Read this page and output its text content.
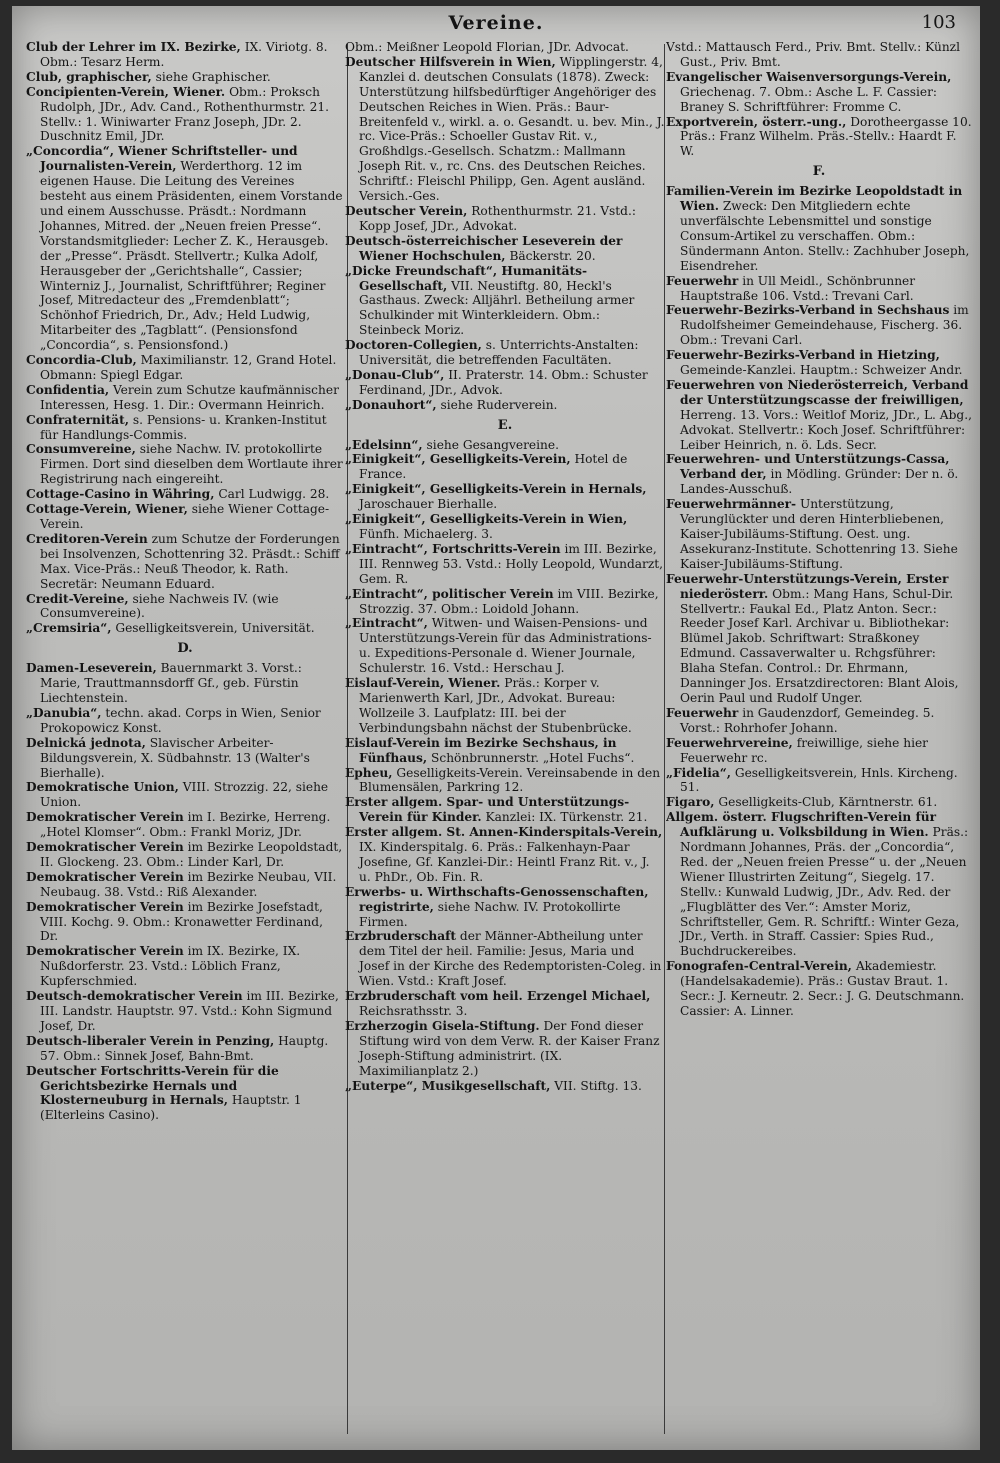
Vereine.	103
Club der Lehrer im IX. Bezirke, IX. Viriotg. 8. Obm.: Tesarz Herm.
Club, graphischer, siehe Graphischer.
Concipienten-Verein, Wiener. Obm.: Proksch Rudolph, JDr., Adv. Cand., Rothenthurmstr. 21. Stellv.: 1. Winiwarter Franz Joseph, JDr. 2. Duschnitz Emil, JDr.
„Concordia“, Wiener Schriftsteller- und Journalisten-Verein, Werderthorg. 12 im eigenen Hause. Die Leitung des Vereines besteht aus einem Präsidenten, einem Vorstande und einem Ausschusse. Präsdt.: Nordmann Johannes, Mitred. der „Neuen freien Presse“. Vorstandsmitglieder: Lecher Z. K., Herausgeb. der „Presse“. Präsdt. Stellvertr.; Kulka Adolf, Herausgeber der „Gerichtshalle“, Cassier; Winterniz J., Journalist, Schriftführer; Reginer Josef, Mitredacteur des „Fremdenblatt“; Schönhof Friedrich, Dr., Adv.; Held Ludwig, Mitarbeiter des „Tagblatt“. (Pensionsfond „Concordia“, s. Pensionsfond.)
Concordia-Club, Maximilianstr. 12, Grand Hotel. Obmann: Spiegl Edgar.
Confidentia, Verein zum Schutze kaufmännischer Interessen, Hesg. 1. Dir.: Overmann Heinrich.
Confraternität, s. Pensions- u. Kranken-Institut für Handlungs-Commis.
Consumvereine, siehe Nachw. IV. protokollirte Firmen. Dort sind dieselben dem Wortlaute ihrer Registrirung nach eingereiht.
Cottage-Casino in Währing, Carl Ludwigg. 28.
Cottage-Verein, Wiener, siehe Wiener Cottage-Verein.
Creditoren-Verein zum Schutze der Forderungen bei Insolvenzen, Schottenring 32. Präsdt.: Schiff Max. Vice-Präs.: Neuß Theodor, k. Rath. Secretär: Neumann Eduard.
Credit-Vereine, siehe Nachweis IV. (wie Consumvereine).
„Cremsiria“, Geselligkeitsverein, Universität.
D.
Damen-Leseverein, Bauernmarkt 3. Vorst.: Marie, Trauttmannsdorff Gf., geb. Fürstin Liechtenstein.
„Danubia“, techn. akad. Corps in Wien, Senior Prokopowicz Konst.
Delnická jednota, Slavischer Arbeiter-Bildungsverein, X. Südbahnstr. 13 (Walter's Bierhalle).
Demokratische Union, VIII. Strozzig. 22, siehe Union.
Demokratischer Verein im I. Bezirke, Herreng. „Hotel Klomser“. Obm.: Frankl Moriz, JDr.
Demokratischer Verein im Bezirke Leopoldstadt, II. Glockeng. 23. Obm.: Linder Karl, Dr.
Demokratischer Verein im Bezirke Neubau, VII. Neubaug. 38. Vstd.: Riß Alexander.
Demokratischer Verein im Bezirke Josefstadt, VIII. Kochg. 9. Obm.: Kronawetter Ferdinand, Dr.
Demokratischer Verein im IX. Bezirke, IX. Nußdorferstr. 23. Vstd.: Löblich Franz, Kupferschmied.
Deutsch-demokratischer Verein im III. Bezirke, III. Landstr. Hauptstr. 97. Vstd.: Kohn Sigmund Josef, Dr.
Deutsch-liberaler Verein in Penzing, Hauptg. 57. Obm.: Sinnek Josef, Bahn-Bmt.
Deutscher Fortschritts-Verein für die Gerichtsbezirke Hernals und Klosterneuburg in Hernals, Hauptstr. 1 (Elterleins Casino).
Obm.: Meißner Leopold Florian, JDr. Advocat.
Deutscher Hilfsverein in Wien, Wipplingerstr. 4, Kanzlei d. deutschen Consulats (1878). Zweck: Unterstützung hilfsbedürftiger Angehöriger des Deutschen Reiches in Wien. Präs.: Baur-Breitenfeld v., wirkl. a. o. Gesandt. u. bev. Min., J. rc. Vice-Präs.: Schoeller Gustav Rit. v., Großhdlgs.-Gesellsch. Schatzm.: Mallmann Joseph Rit. v., rc. Cns. des Deutschen Reiches. Schriftf.: Fleischl Philipp, Gen. Agent ausländ. Versich.-Ges.
Deutscher Verein, Rothenthurmstr. 21. Vstd.: Kopp Josef, JDr., Advokat.
Deutsch-österreichischer Leseverein der Wiener Hochschulen, Bäckerstr. 20.
„Dicke Freundschaft“, Humanitäts-Gesellschaft, VII. Neustiftg. 80, Heckl's Gasthaus. Zweck: Alljährl. Betheilung armer Schulkinder mit Winterkleidern. Obm.: Steinbeck Moriz.
Doctoren-Collegien, s. Unterrichts-Anstalten: Universität, die betreffenden Facultäten.
„Donau-Club“, II. Praterstr. 14. Obm.: Schuster Ferdinand, JDr., Advok.
„Donauhort“, siehe Ruderverein.
E.
„Edelsinn“, siehe Gesangvereine.
„Einigkeit“, Geselligkeits-Verein, Hotel de France.
„Einigkeit“, Geselligkeits-Verein in Hernals, Jaroschauer Bierhalle.
„Einigkeit“, Geselligkeits-Verein in Wien, Fünfh. Michaelerg. 3.
„Eintracht“, Fortschritts-Verein im III. Bezirke, III. Rennweg 53. Vstd.: Holly Leopold, Wundarzt, Gem. R.
„Eintracht“, politischer Verein im VIII. Bezirke, Strozzig. 37. Obm.: Loidold Johann.
„Eintracht“, Witwen- und Waisen-Pensions- und Unterstützungs-Verein für das Administrations- u. Expeditions-Personale d. Wiener Journale, Schulerstr. 16. Vstd.: Herschau J.
Eislauf-Verein, Wiener. Präs.: Korper v. Marienwerth Karl, JDr., Advokat. Bureau: Wollzeile 3. Laufplatz: III. bei der Verbindungsbahn nächst der Stubenbrücke.
Eislauf-Verein im Bezirke Sechshaus, in Fünfhaus, Schönbrunnerstr. „Hotel Fuchs“.
Epheu, Geselligkeits-Verein. Vereinsabende in den Blumensälen, Parkring 12.
Erster allgem. Spar- und Unterstützungs-Verein für Kinder. Kanzlei: IX. Türkenstr. 21.
Erster allgem. St. Annen-Kinderspitals-Verein, IX. Kinderspitalg. 6. Präs.: Falkenhayn-Paar Josefine, Gf. Kanzlei-Dir.: Heintl Franz Rit. v., J. u. PhDr., Ob. Fin. R.
Erwerbs- u. Wirthschafts-Genossenschaften, registrirte, siehe Nachw. IV. Protokollirte Firmen.
Erzbruderschaft der Männer-Abtheilung unter dem Titel der heil. Familie: Jesus, Maria und Josef in der Kirche des Redemptoristen-Coleg. in Wien. Vstd.: Kraft Josef.
Erzbruderschaft vom heil. Erzengel Michael, Reichsrathsstr. 3.
Erzherzogin Gisela-Stiftung. Der Fond dieser Stiftung wird von dem Verw. R. der Kaiser Franz Joseph-Stiftung administrirt. (IX. Maximilianplatz 2.)
„Euterpe“, Musikgesellschaft, VII. Stiftg. 13.
Vstd.: Mattausch Ferd., Priv. Bmt. Stellv.: Künzl Gust., Priv. Bmt.
Evangelischer Waisenversorgungs-Verein, Griechenag. 7. Obm.: Asche L. F. Cassier: Braney S. Schriftführer: Fromme C.
Exportverein, österr.-ung., Dorotheergasse 10. Präs.: Franz Wilhelm. Präs.-Stellv.: Haardt F. W.
F.
Familien-Verein im Bezirke Leopoldstadt in Wien. Zweck: Den Mitgliedern echte unverfälschte Lebensmittel und sonstige Consum-Artikel zu verschaffen. Obm.: Sündermann Anton. Stellv.: Zachhuber Joseph, Eisendreher.
Feuerwehr in Ull Meidl., Schönbrunner Hauptstraße 106. Vstd.: Trevani Carl.
Feuerwehr-Bezirks-Verband in Sechshaus im Rudolfsheimer Gemeindehause, Fischerg. 36. Obm.: Trevani Carl.
Feuerwehr-Bezirks-Verband in Hietzing, Gemeinde-Kanzlei. Hauptm.: Schweizer Andr.
Feuerwehren von Niederösterreich, Verband der Unterstützungscasse der freiwilligen, Herreng. 13. Vors.: Weitlof Moriz, JDr., L. Abg., Advokat. Stellvertr.: Koch Josef. Schriftführer: Leiber Heinrich, n. ö. Lds. Secr.
Feuerwehren- und Unterstützungs-Cassa, Verband der, in Mödling. Gründer: Der n. ö. Landes-Ausschuß.
Feuerwehrmänner- Unterstützung, Verunglückter und deren Hinterbliebenen, Kaiser-Jubiläums-Stiftung. Oest. ung. Assekuranz-Institute. Schottenring 13. Siehe Kaiser-Jubiläums-Stiftung.
Feuerwehr-Unterstützungs-Verein, Erster niederösterr. Obm.: Mang Hans, Schul-Dir. Stellvertr.: Faukal Ed., Platz Anton. Secr.: Reeder Josef Karl. Archivar u. Bibliothekar: Blümel Jakob. Schriftwart: Straßkoney Edmund. Cassaverwalter u. Rchgsführer: Blaha Stefan. Control.: Dr. Ehrmann, Danninger Jos. Ersatzdirectoren: Blant Alois, Oerin Paul und Rudolf Unger.
Feuerwehr in Gaudenzdorf, Gemeindeg. 5. Vorst.: Rohrhofer Johann.
Feuerwehrvereine, freiwillige, siehe hier Feuerwehr rc.
„Fidelia“, Geselligkeitsverein, Hnls. Kircheng. 51.
Figaro, Geselligkeits-Club, Kärntnerstr. 61.
Allgem. österr. Flugschriften-Verein für Aufklärung u. Volksbildung in Wien. Präs.: Nordmann Johannes, Präs. der „Concordia“, Red. der „Neuen freien Presse“ u. der „Neuen Wiener Illustrirten Zeitung“, Siegelg. 17. Stellv.: Kunwald Ludwig, JDr., Adv. Red. der „Flugblätter des Ver.“: Amster Moriz, Schriftsteller, Gem. R. Schriftf.: Winter Geza, JDr., Verth. in Straff. Cassier: Spies Rud., Buchdruckereibes.
Fonografen-Central-Verein, Akademiestr. (Handelsakademie). Präs.: Gustav Braut. 1. Secr.: J. Kerneutr. 2. Secr.: J. G. Deutschmann. Cassier: A. Linner.
